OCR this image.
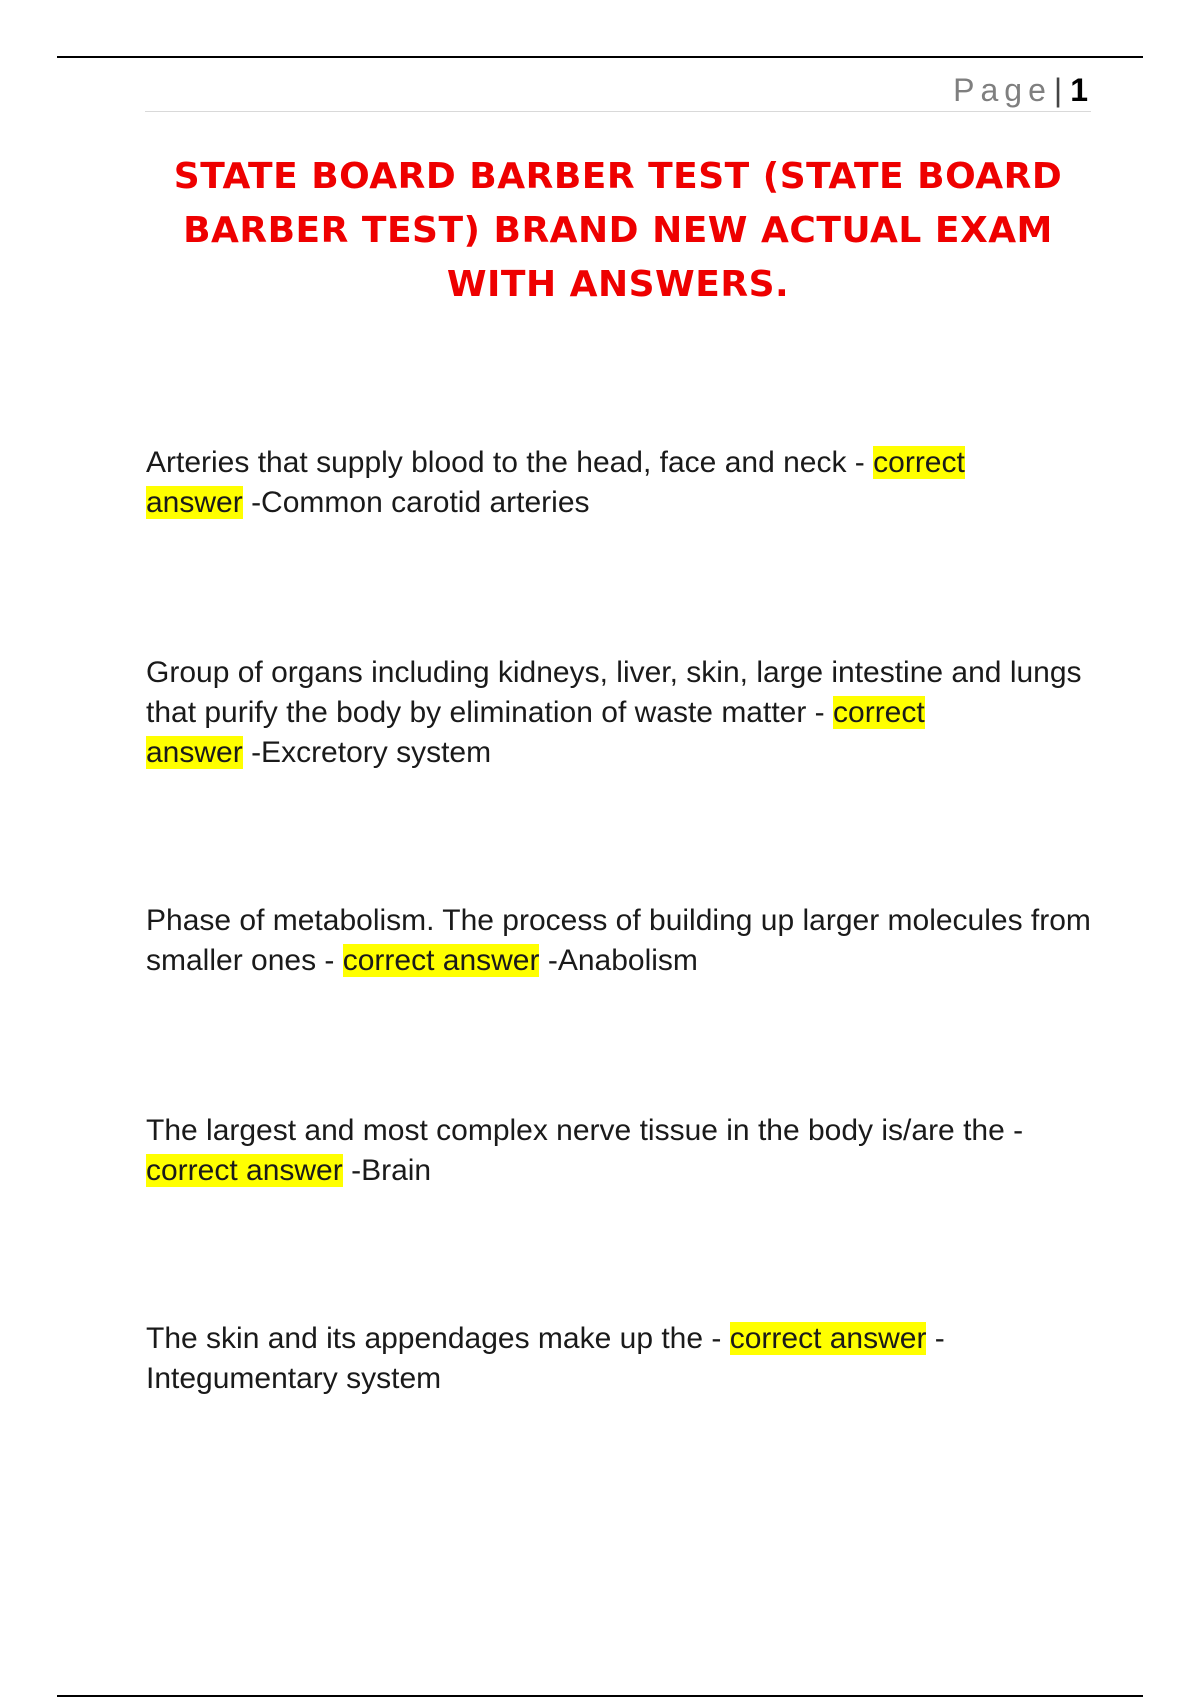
Page| 1
STATE BOARD BARBER TEST (STATE BOARD BARBER TEST) BRAND NEW ACTUAL EXAM WITH ANSWERS.

Arteries that supply blood to the head, face and neck - correct
answer -Common carotid arteries

Group of organs including kidneys, liver, skin, large intestine and lungs that purify the body by elimination of waste matter - correct
answer -Excretory system

Phase of metabolism. The process of building up larger molecules from smaller ones - correct answer -Anabolism

The largest and most complex nerve tissue in the body is/are the -
correct answer -Brain

The skin and its appendages make up the - correct answer -
Integumentary system
